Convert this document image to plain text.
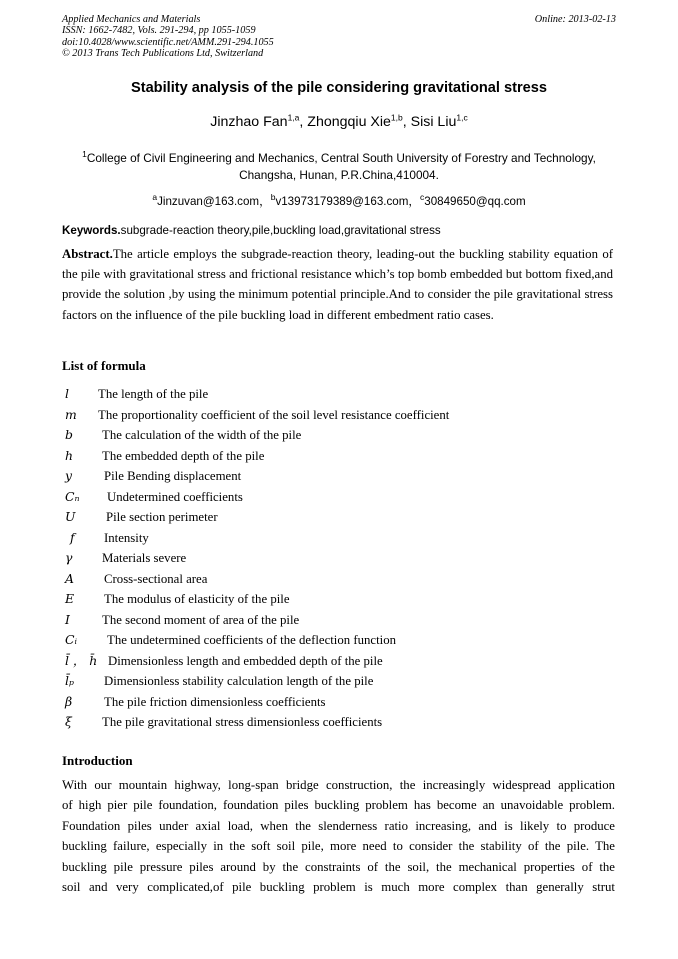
Applied Mechanics and Materials
ISSN: 1662-7482, Vols. 291-294, pp 1055-1059
doi:10.4028/www.scientific.net/AMM.291-294.1055
© 2013 Trans Tech Publications Ltd, Switzerland
Online: 2013-02-13
Stability analysis of the pile considering gravitational stress
Jinzhao Fan$^{1,a}$, Zhongqiu Xie$^{1,b}$, Sisi Liu$^{1,c}$
$^1$College of Civil Engineering and Mechanics, Central South University of Forestry and Technology,
Changsha, Hunan, P.R.China,410004.
$^a$Jinzuvan@163.com，$^b$v13973179389@163.com，$^c$30849650@qq.com
Keywords.subgrade-reaction theory,pile,buckling load,gravitational stress
Abstract.The article employs the subgrade-reaction theory, leading-out the buckling stability equation of the pile with gravitational stress and frictional resistance which’s top bomb embedded but bottom fixed,and provide the solution ,by using the minimum potential principle.And to consider the pile gravitational stress factors on the influence of the pile buckling load in different embedment ratio cases.
List of formula
l The length of the pile
m The proportionality coefficient of the soil level resistance coefficient
b The calculation of the width of the pile
h The embedded depth of the pile
y	Pile Bending displacement
Cₙ Undetermined coefficients
U Pile section perimeter
f Intensity
γ Materials severe
A Cross-sectional area
E The modulus of elasticity of the pile
I	The second moment of area of the pile
Cᵢ The undetermined coefficients of the deflection function
l̄ ， h̄ Dimensionless length and embedded depth of the pile
l̄ₚ Dimensionless stability calculation length of the pile
β The pile friction dimensionless coefficients
ξ The pile gravitational stress dimensionless coefficients
Introduction
With our mountain highway, long-span bridge construction, the increasingly widespread application
of high pier pile foundation, foundation piles buckling problem has become an unavoidable problem.
Foundation piles under axial load, when the slenderness ratio increasing, and is likely to produce
buckling failure, especially in the soft soil pile, more need to consider the stability of the pile. The
buckling pile pressure piles around by the constraints of the soil, the mechanical properties of the
soil and very complicated,of pile buckling problem is much more complex than generally strut
